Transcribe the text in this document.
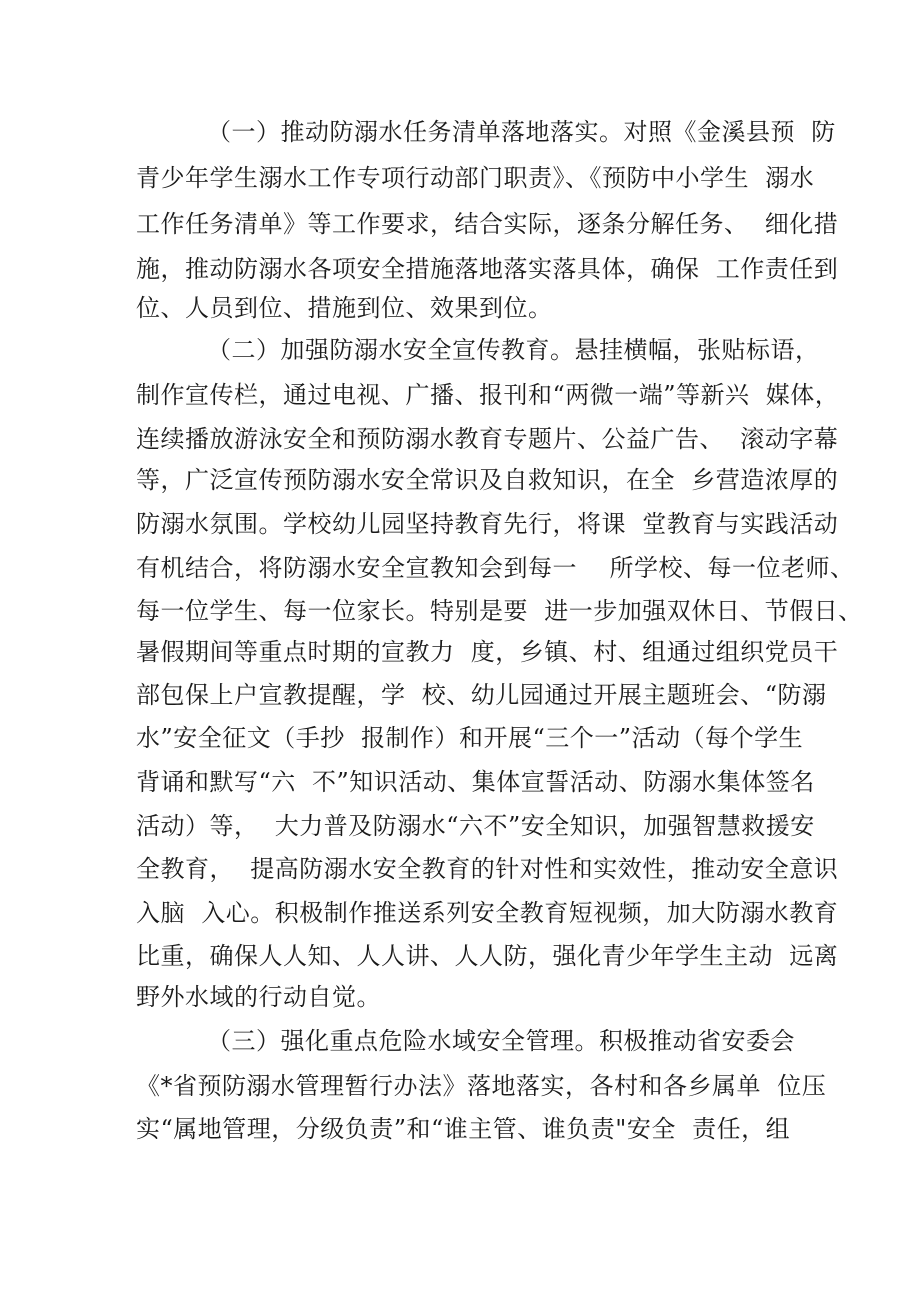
（一）推动防溺水任务清单落地落实。对照《金溪县预  防
青少年学生溺水工作专项行动部门职责》、《预防中小学生  溺水
工作任务清单》等工作要求，结合实际，逐条分解任务、  细化措
施，推动防溺水各项安全措施落地落实落具体，确保  工作责任到
位、人员到位、措施到位、效果到位。
（二）加强防溺水安全宣传教育。悬挂横幅，张贴标语，
制作宣传栏，通过电视、广播、报刊和“两微一端”等新兴  媒体，
连续播放游泳安全和预防溺水教育专题片、公益广告、  滚动字幕
等，广泛宣传预防溺水安全常识及自救知识，在全  乡营造浓厚的
防溺水氛围。学校幼儿园坚持教育先行，将课  堂教育与实践活动
有机结合，将防溺水安全宣教知会到每一    所学校、每一位老师、
每一位学生、每一位家长。特别是要  进一步加强双休日、节假日、
暑假期间等重点时期的宣教力  度，乡镇、村、组通过组织党员干
部包保上户宣教提醒，学  校、幼儿园通过开展主题班会、“防溺
水”安全征文（手抄  报制作）和开展“三个一”活动（每个学生
背诵和默写“六  不”知识活动、集体宣誓活动、防溺水集体签名
活动）等，  大力普及防溺水“六不”安全知识，加强智慧救援安
全教育，  提高防溺水安全教育的针对性和实效性，推动安全意识
入脑  入心。积极制作推送系列安全教育短视频，加大防溺水教育
比重，确保人人知、人人讲、人人防，强化青少年学生主动  远离
野外水域的行动自觉。
（三）强化重点危险水域安全管理。积极推动省安委会
《*省预防溺水管理暂行办法》落地落实，各村和各乡属单  位压
实“属地管理，分级负责”和“谁主管、谁负责"安全  责任，组
